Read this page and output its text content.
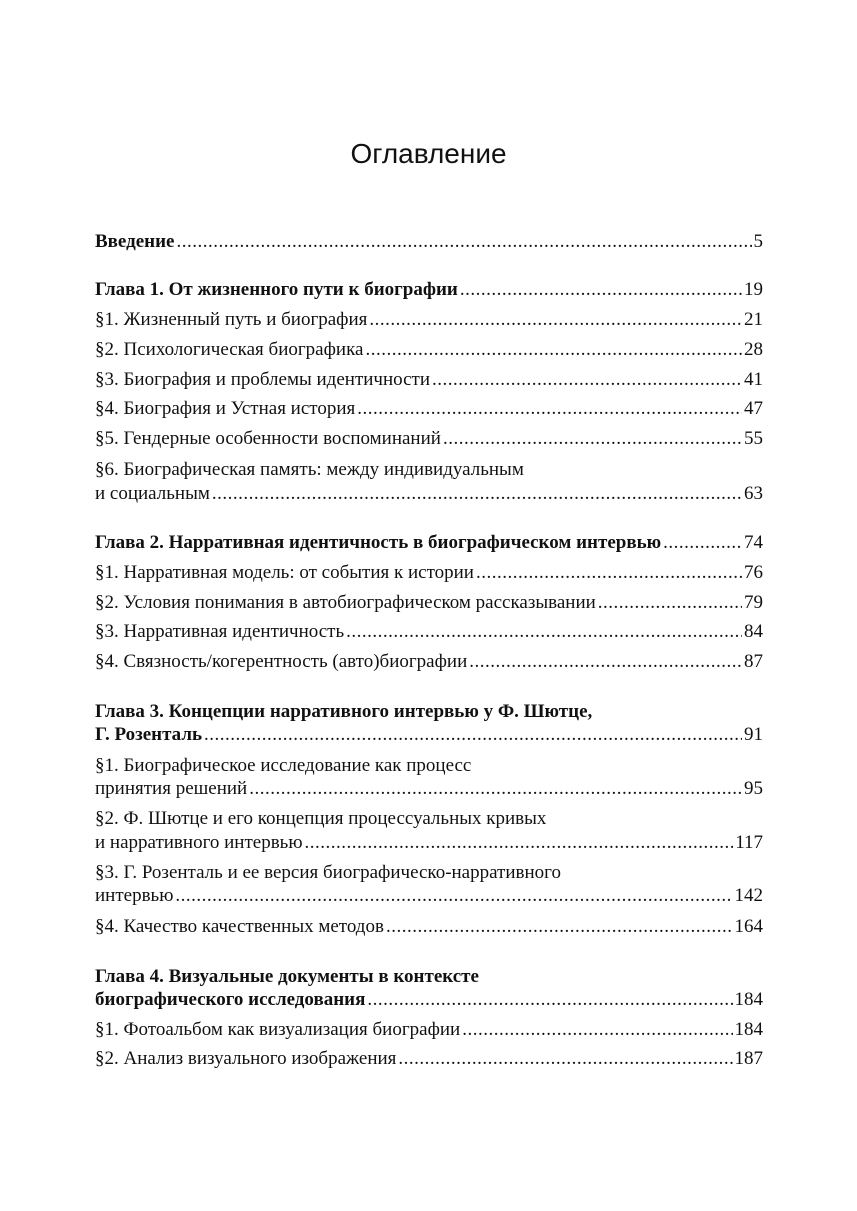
Оглавление
Введение .....	5
Глава 1. От жизненного пути к биографии .....	19
§1. Жизненный путь и биография .....	21
§2. Психологическая биографика .....	28
§3. Биография и проблемы идентичности .....	41
§4. Биография и Устная история .....	47
§5. Гендерные особенности воспоминаний .....	55
§6. Биографическая память: между индивидуальным
и социальным .....	63
Глава 2. Нарративная идентичность в биографическом интервью .....	74
§1. Нарративная модель: от события к истории .....	76
§2. Условия понимания в автобиографическом рассказывании .....	79
§3. Нарративная идентичность .....	84
§4. Связность/когерентность (авто)биографии .....	87
Глава 3. Концепции нарративного интервью у Ф. Шютце,
Г. Розенталь .....	91
§1. Биографическое исследование как процесс
принятия решений .....	95
§2. Ф. Шютце и его концепция процессуальных кривых
и нарративного интервью .....	117
§3. Г. Розенталь и ее версия биографическо-нарративного
интервью .....	142
§4. Качество качественных методов .....	164
Глава 4. Визуальные документы в контексте
биографического исследования .....	184
§1. Фотоальбом как визуализация биографии .....	184
§2. Анализ визуального изображения .....	187
